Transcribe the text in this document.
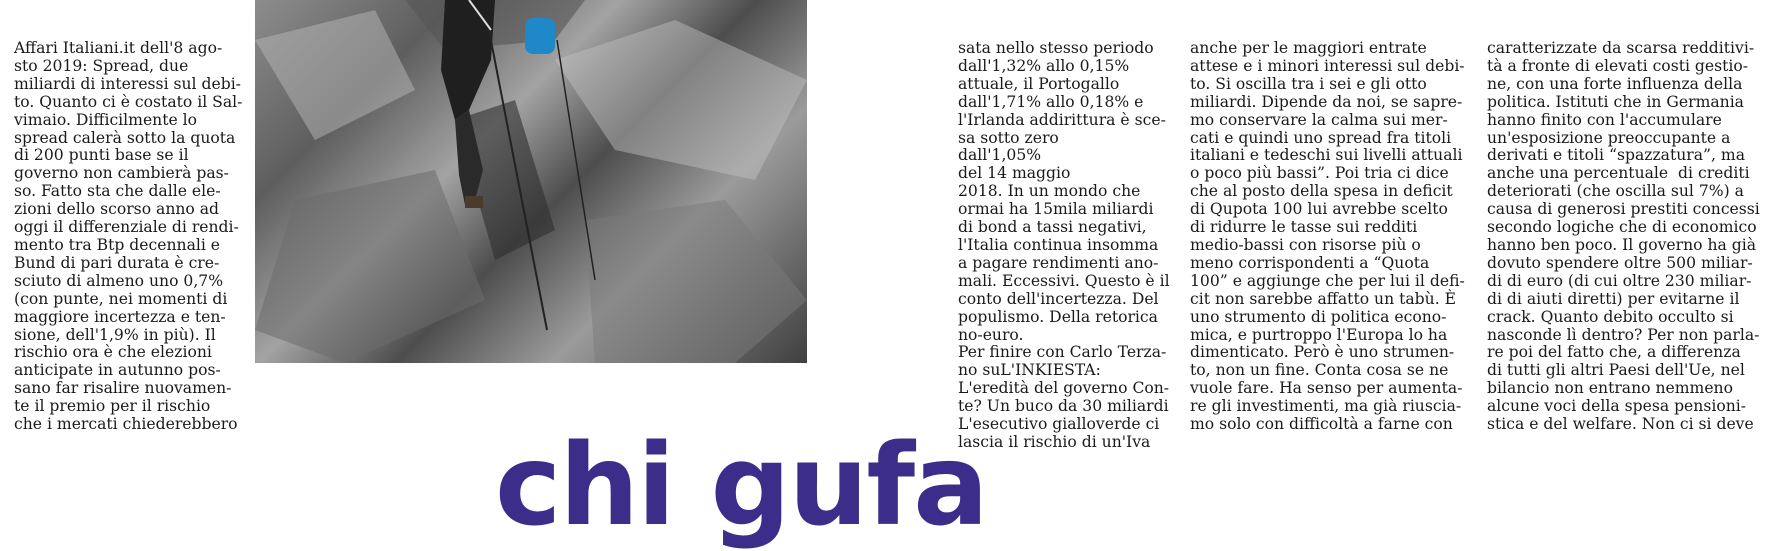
Affari Italiani.it dell'8 ago-
sto 2019: Spread, due
miliardi di interessi sul debi-
to. Quanto ci è costato il Sal-
vimaio. Difficilmente lo
spread calerà sotto la quota
di 200 punti base se il
governo non cambierà pas-
so. Fatto sta che dalle ele-
zioni dello scorso anno ad
oggi il differenziale di rendi-
mento tra Btp decennali e
Bund di pari durata è cre-
sciuto di almeno uno 0,7%
(con punte, nei momenti di
maggiore incertezza e ten-
sione, dell'1,9% in più). Il
rischio ora è che elezioni
anticipate in autunno pos-
sano far risalire nuovamen-
te il premio per il rischio
che i mercati chiederebbero

sata nello stesso periodo
dall'1,32% allo 0,15%
attuale, il Portogallo
dall'1,71% allo 0,18% e
l'Irlanda addirittura è sce-
sa sotto zero
dall'1,05%
del 14 maggio
2018. In un mondo che
ormai ha 15mila miliardi
di bond a tassi negativi,
l'Italia continua insomma
a pagare rendimenti ano-
mali. Eccessivi. Questo è il
conto dell'incertezza. Del
populismo. Della retorica
no-euro.

Per finire con Carlo Terza-
no suL'INKIESTA:
L'eredità del governo Con-
te? Un buco da 30 miliardi
L'esecutivo gialloverde ci
lascia il rischio di un'Iva

anche per le maggiori entrate
attese e i minori interessi sul debi-
to. Si oscilla tra i sei e gli otto
miliardi. Dipende da noi, se sapre-
mo conservare la calma sui mer-
cati e quindi uno spread fra titoli
italiani e tedeschi sui livelli attuali
o poco più bassi”. Poi tria ci dice
che al posto della spesa in deficit
di Qupota 100 lui avrebbe scelto
di ridurre le tasse sui redditi
medio-bassi con risorse più o
meno corrispondenti a “Quota
100” e aggiunge che per lui il defi-
cit non sarebbe affatto un tabù. È
uno strumento di politica econo-
mica, e purtroppo l'Europa lo ha
dimenticato. Però è uno strumen-
to, non un fine. Conta cosa se ne
vuole fare. Ha senso per aumenta-
re gli investimenti, ma già riuscia-
mo solo con difficoltà a farne con

caratterizzate da scarsa redditivi-
tà a fronte di elevati costi gestio-
ne, con una forte influenza della
politica. Istituti che in Germania
hanno finito con l'accumulare
un'esposizione preoccupante a
derivati e titoli “spazzatura”, ma
anche una percentuale  di crediti
deteriorati (che oscilla sul 7%) a
causa di generosi prestiti concessi
secondo logiche che di economico
hanno ben poco. Il governo ha già
dovuto spendere oltre 500 miliar-
di di euro (di cui oltre 230 miliar-
di di aiuti diretti) per evitarne il
crack. Quanto debito occulto si
nasconde lì dentro? Per non parla-
re poi del fatto che, a differenza
di tutti gli altri Paesi dell'Ue, nel
bilancio non entrano nemmeno
alcune voci della spesa pensioni-
stica e del welfare. Non ci si deve

chi gufa
